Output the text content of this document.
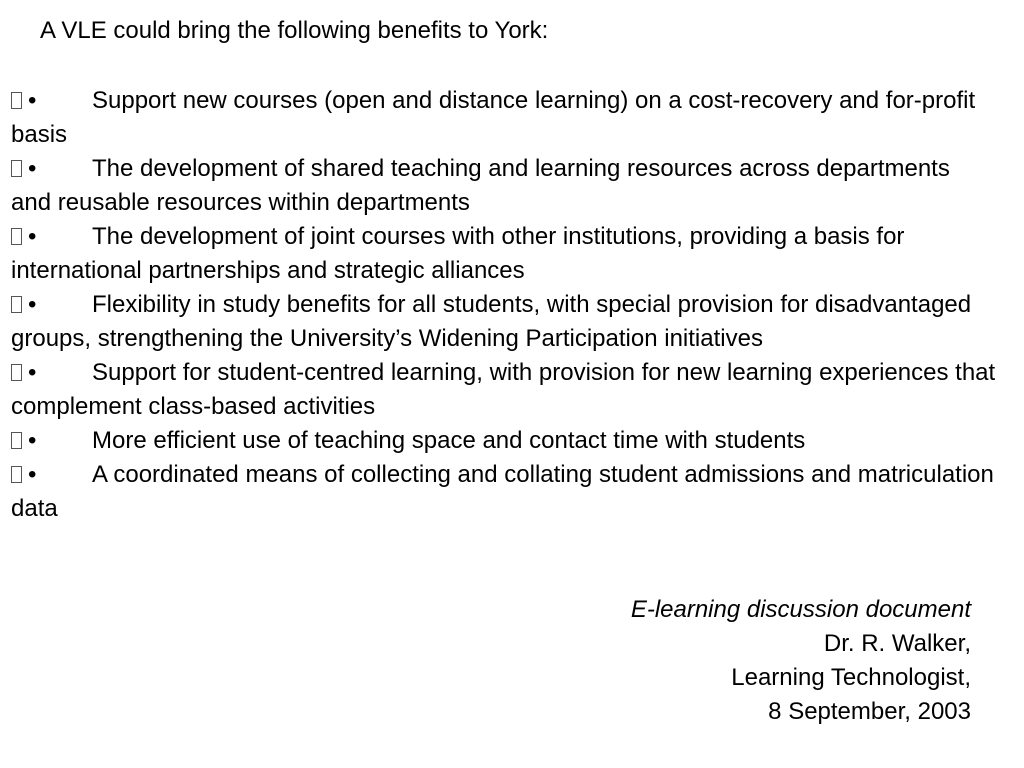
A VLE could bring the following benefits to York:
• Support new courses (open and distance learning) on a cost-recovery and for-profit basis
• The development of shared teaching and learning resources across departments and reusable resources within departments
• The development of joint courses with other institutions, providing a basis for international partnerships and strategic alliances
• Flexibility in study benefits for all students, with special provision for disadvantaged groups, strengthening the University’s Widening Participation initiatives
• Support for student-centred learning, with provision for new learning experiences that complement class-based activities
• More efficient use of teaching space and contact time with students
• A coordinated means of collecting and collating student admissions and matriculation data
E-learning discussion document
Dr. R. Walker,
Learning Technologist,
8 September, 2003
